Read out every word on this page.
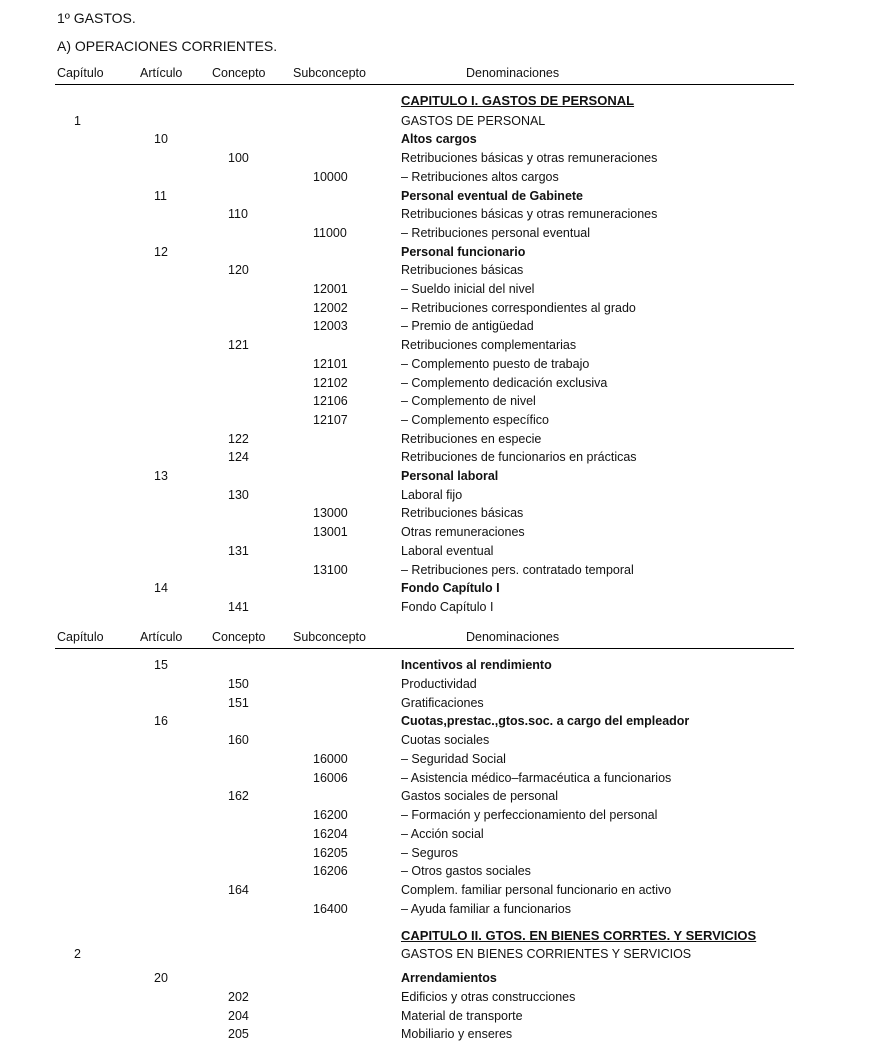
1º GASTOS.
A) OPERACIONES CORRIENTES.
Capítulo	Artículo Concepto Subconcepto	Denominaciones
CAPITULO I. GASTOS DE PERSONAL
1	GASTOS DE PERSONAL
10	Altos cargos
100	Retribuciones básicas y otras remuneraciones
10000	– Retribuciones altos cargos
11	Personal eventual de Gabinete
110	Retribuciones básicas y otras remuneraciones
11000	– Retribuciones personal eventual
12	Personal funcionario
120	Retribuciones básicas
12001	– Sueldo inicial del nivel
12002	– Retribuciones correspondientes al grado
12003	– Premio de antigüedad
121	Retribuciones complementarias
12101	– Complemento puesto de trabajo
12102	– Complemento dedicación exclusiva
12106	– Complemento de nivel
12107	– Complemento específico
122	Retribuciones en especie
124	Retribuciones de funcionarios en prácticas
13	Personal laboral
130	Laboral fijo
13000	Retribuciones básicas
13001	Otras remuneraciones
131	Laboral eventual
13100	– Retribuciones pers. contratado temporal
14	Fondo Capítulo I
141	Fondo Capítulo I
Capítulo	Artículo Concepto Subconcepto	Denominaciones
15	Incentivos al rendimiento
150	Productividad
151	Gratificaciones
16	Cuotas,prestac.,gtos.soc. a cargo del empleador
160	Cuotas sociales
16000	– Seguridad Social
16006	– Asistencia médico–farmacéutica a funcionarios
162	Gastos sociales de personal
16200	– Formación y perfeccionamiento del personal
16204	– Acción social
16205	– Seguros
16206	– Otros gastos sociales
164	Complem. familiar personal funcionario en activo
16400	– Ayuda familiar a funcionarios
CAPITULO II. GTOS. EN BIENES CORRTES. Y SERVICIOS
2	GASTOS EN BIENES CORRIENTES Y SERVICIOS
20	Arrendamientos
202	Edificios y otras construcciones
204	Material de transporte
205	Mobiliario y enseres
